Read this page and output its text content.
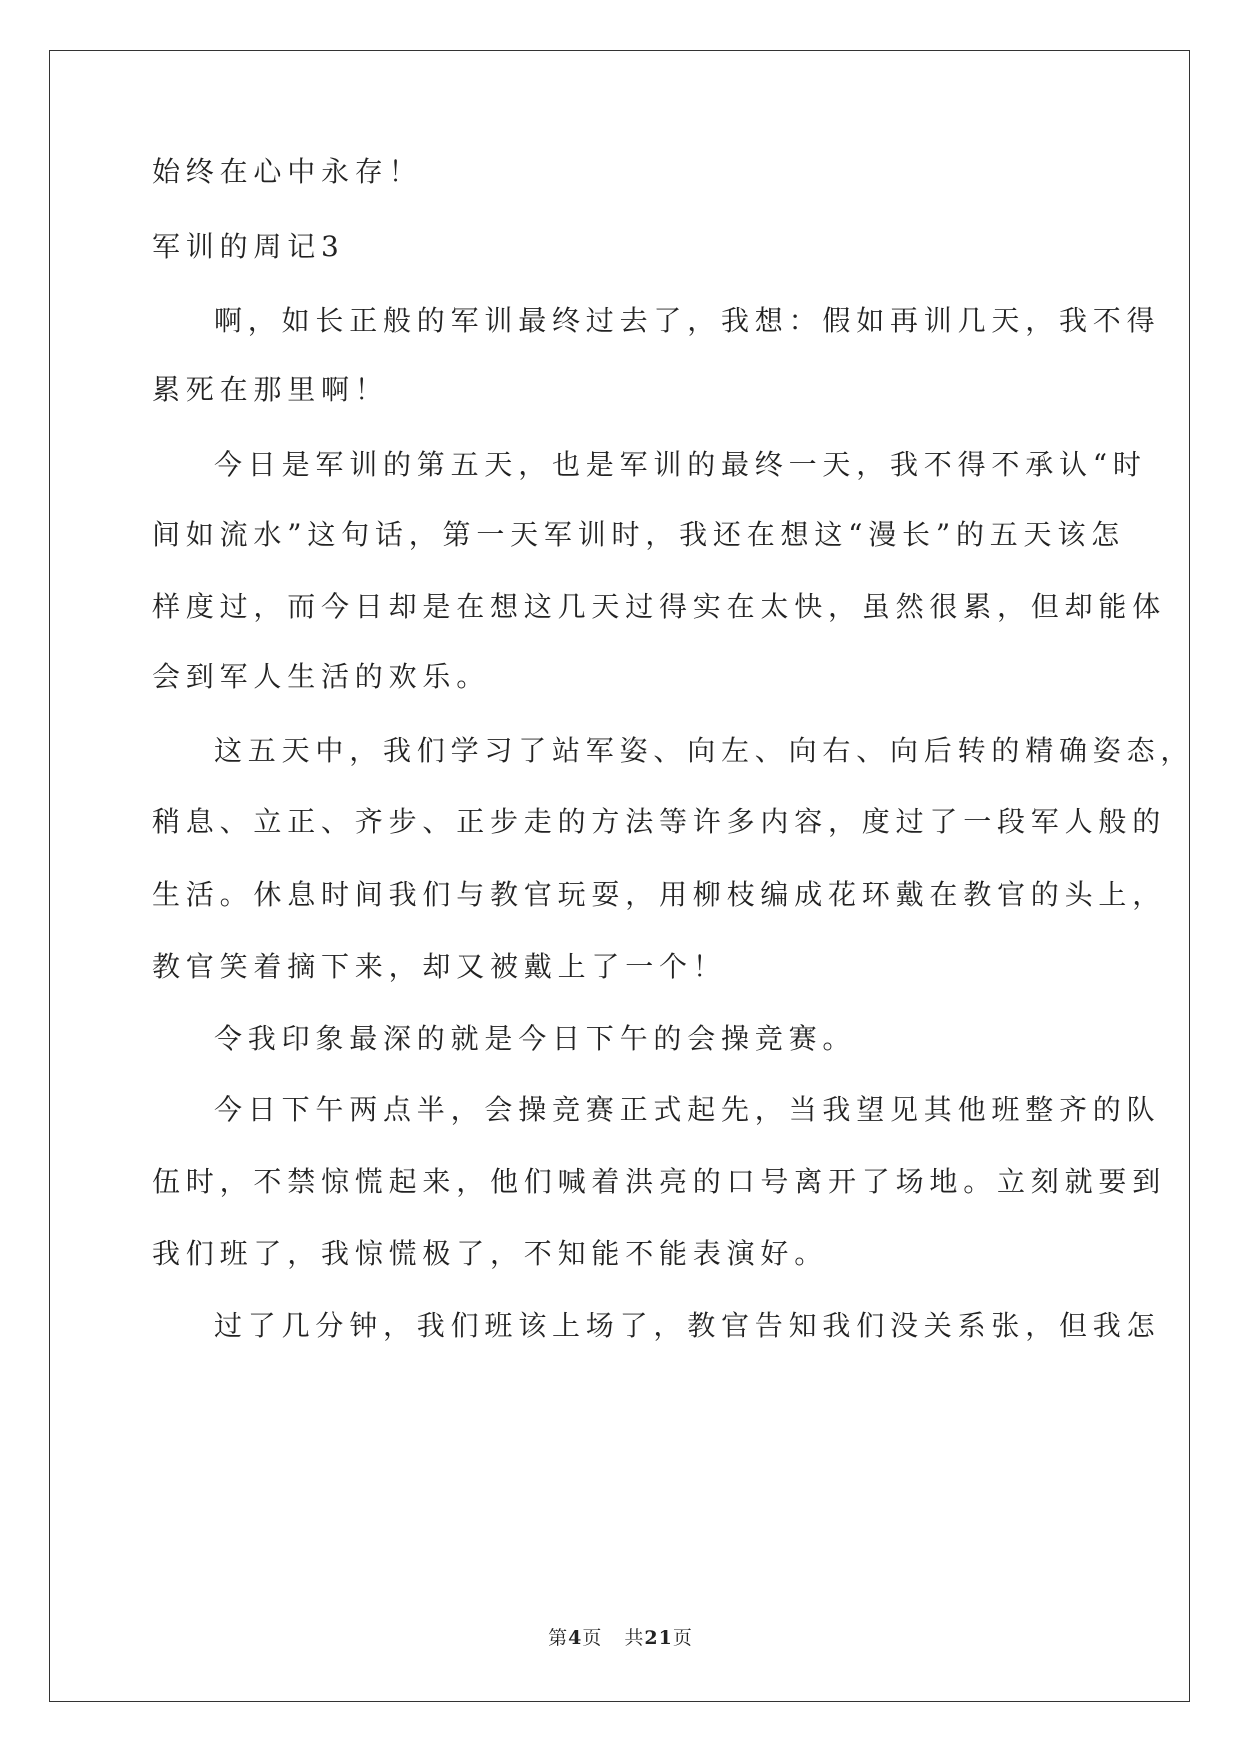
始终在心中永存！
军训的周记3
啊，如长正般的军训最终过去了，我想：假如再训几天，我不得
累死在那里啊！
今日是军训的第五天，也是军训的最终一天，我不得不承认“时
间如流水”这句话，第一天军训时，我还在想这“漫长”的五天该怎
样度过，而今日却是在想这几天过得实在太快，虽然很累，但却能体
会到军人生活的欢乐。
这五天中，我们学习了站军姿、向左、向右、向后转的精确姿态，
稍息、立正、齐步、正步走的方法等许多内容，度过了一段军人般的
生活。休息时间我们与教官玩耍，用柳枝编成花环戴在教官的头上，
教官笑着摘下来，却又被戴上了一个！
令我印象最深的就是今日下午的会操竞赛。
今日下午两点半，会操竞赛正式起先，当我望见其他班整齐的队
伍时，不禁惊慌起来，他们喊着洪亮的口号离开了场地。立刻就要到
我们班了，我惊慌极了，不知能不能表演好。
过了几分钟，我们班该上场了，教官告知我们没关系张，但我怎
第4页 共21页
